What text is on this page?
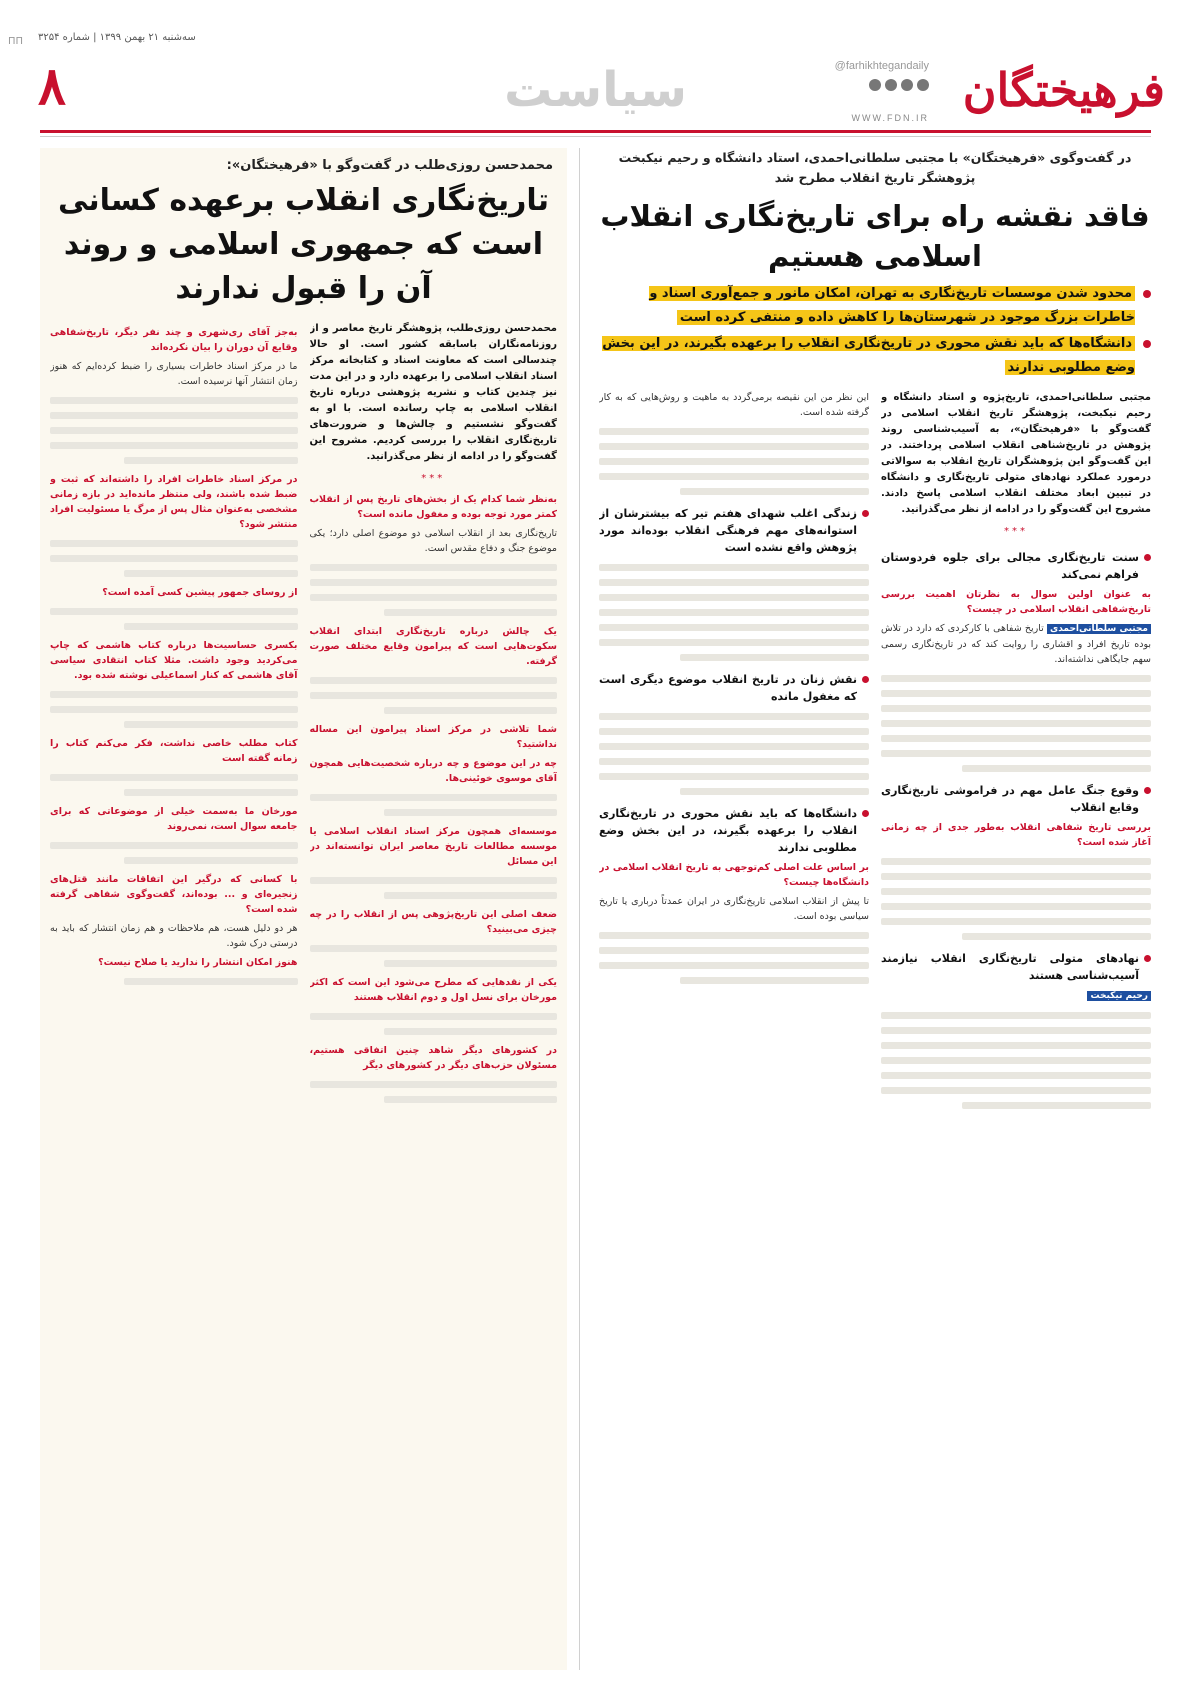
ΠΠ سه‌شنبه ۲۱ بهمن ۱۳۹۹ | شماره ۳۲۵۴
۸	سیاست	فرهیختگان
@farhikhtegandaily
WWW.FDN.IR
در گفت‌وگوی «فرهیختگان» با مجتبی سلطانی‌احمدی، استاد دانشگاه و رحیم نیکبخت پژوهشگر تاریخ انقلاب مطرح شد
فاقد نقشه راه برای تاریخ‌نگاری انقلاب اسلامی هستیم
محدود شدن موسسات تاریخ‌نگاری به تهران، امکان مانور و جمع‌آوری اسناد و خاطرات بزرگ موجود در شهرستان‌ها را کاهش داده و منتفی کرده است
دانشگاه‌ها که باید نقش محوری در تاریخ‌نگاری انقلاب را برعهده بگیرند، در این بخش وضع مطلوبی ندارند
مجتبی سلطانی‌احمدی، تاریخ‌پژوه و استاد دانشگاه و رحیم نیکبخت، پژوهشگر تاریخ انقلاب اسلامی در گفت‌وگو با «فرهیختگان»، به آسیب‌شناسی روند پژوهش در تاریخ‌شناهی انقلاب اسلامی پرداختند. در این گفت‌وگو این پژوهشگران تاریخ انقلاب به سوالاتی درمورد عملکرد نهادهای متولی تاریخ‌نگاری و دانشگاه در تبیین ابعاد مختلف انقلاب اسلامی پاسخ دادند. مشروح این گفت‌وگو را در ادامه از نظر می‌گذرانید.
***
سنت تاریخ‌نگاری مجالی برای جلوه فردوستان فراهم نمی‌کند
به عنوان اولین سوال به نظرتان اهمیت بررسی تاریخ‌شفاهی انقلاب اسلامی در چیست؟
مجتبی سلطانی‌احمدی تاریخ شفاهی با کارکردی که دارد در تلاش بوده تاریخ افراد و اقشاری را روایت کند که در تاریخ‌نگاری رسمی سهم‌ جایگاهی نداشته‌اند.
وقوع جنگ عامل مهم در فراموشی تاریخ‌نگاری وقایع انقلاب
بررسی تاریخ شفاهی انقلاب به‌طور جدی از چه زمانی آغاز شده است؟
نهادهای متولی تاریخ‌نگاری انقلاب نیازمند آسیب‌شناسی هستند
رحیم نیکبخت
این نظر من این نقیصه برمی‌گردد به ماهیت و روش‌هایی که به کار گرفته شده است.
زندگی اغلب شهدای هفتم تیر که بیشترشان از استوانه‌های مهم فرهنگی انقلاب بوده‌اند مورد پژوهش واقع نشده است
نقش زنان در تاریخ انقلاب موضوع دیگری است که مغفول مانده
دانشگاه‌ها که باید نقش محوری در تاریخ‌نگاری انقلاب را برعهده بگیرند، در این بخش وضع مطلوبی ندارند
بر اساس علت اصلی کم‌توجهی به تاریخ انقلاب اسلامی در دانشگاه‌ها چیست؟
تا پیش از انقلاب اسلامی تاریخ‌نگاری در ایران عمدتاً درباری یا تاریخ سیاسی بوده است.
محمدحسن روزی‌طلب در گفت‌وگو با «فرهیختگان»:
تاریخ‌نگاری انقلاب برعهده کسانی است که جمهوری اسلامی و روند آن را قبول ندارند
محمدحسن روزی‌طلب، پژوهشگر تاریخ معاصر و از روزنامه‌نگاران باسابقه کشور است. او حالا چندسالی است که معاونت اسناد و کتابخانه مرکز اسناد انقلاب اسلامی را برعهده دارد و در این مدت نیز چندین کتاب و نشریه پژوهشی درباره تاریخ انقلاب اسلامی به چاپ رسانده است. با او به گفت‌وگو نشستیم و چالش‌ها و ضرورت‌های تاریخ‌نگاری انقلاب را بررسی کردیم. مشروح این گفت‌وگو را در ادامه از نظر می‌گذرانید.
***
به‌نظر شما کدام یک از بخش‌های تاریخ پس از انقلاب کمتر مورد توجه بوده و مغفول مانده است؟
تاریخ‌نگاری بعد از انقلاب اسلامی دو موضوع اصلی دارد؛ یکی موضوع جنگ و دفاع مقدس است.
یک چالش درباره تاریخ‌نگاری ابتدای انقلاب سکوت‌هایی است که پیرامون وقایع مختلف صورت گرفته.
شما تلاشی در مرکز اسناد پیرامون این مساله نداشتید؟
چه در این موضوع و چه درباره شخصیت‌هایی همچون آقای موسوی خوئینی‌ها.
موسسه‌ای همچون مرکز اسناد انقلاب اسلامی یا موسسه مطالعات تاریخ معاصر ایران توانسته‌اند در این مسائل
ضعف اصلی این تاریخ‌پژوهی پس از انقلاب را در چه چیزی می‌بینید؟
یکی از نقدهایی که مطرح می‌شود این است که اکثر مورخان برای نسل اول و دوم انقلاب هستند
در کشورهای دیگر شاهد چنین اتفاقی هستیم، مسئولان حزب‌های دیگر در کشورهای دیگر
به‌جز آقای ری‌شهری و چند نفر دیگر، تاریخ‌شفاهی وقایع آن دوران را بیان نکرده‌اند
ما در مرکز اسناد خاطرات بسیاری را ضبط کرده‌ایم که هنوز زمان انتشار آنها نرسیده است.
در مرکز اسناد خاطرات افراد را داشته‌اند که ثبت و ضبط شده باشند، ولی منتظر مانده‌اید در بازه زمانی مشخصی به‌عنوان مثال پس از مرگ یا مسئولیت افراد منتشر شود؟
از روسای جمهور پیشین کسی آمده است؟
بکسری حساسیت‌ها درباره کتاب هاشمی که چاپ می‌کردید وجود داشت. مثلا کتاب انتقادی سیاسی آقای هاشمی که کنار اسماعیلی نوشته شده بود.
کتاب مطلب خاصی نداشت، فکر می‌کنم کتاب را زمانه گفته است
مورخان ما به‌سمت خیلی از موضوعاتی که برای جامعه سوال است، نمی‌روند
با کسانی که درگیر این اتفاقات مانند قتل‌های زنجیره‌ای و ... بوده‌اند، گفت‌وگوی شفاهی گرفته شده است؟
هر دو دلیل هست، هم ملاحظات و هم زمان انتشار که باید به درستی درک شود.
هنوز امکان انتشار را ندارید یا صلاح نیست؟
